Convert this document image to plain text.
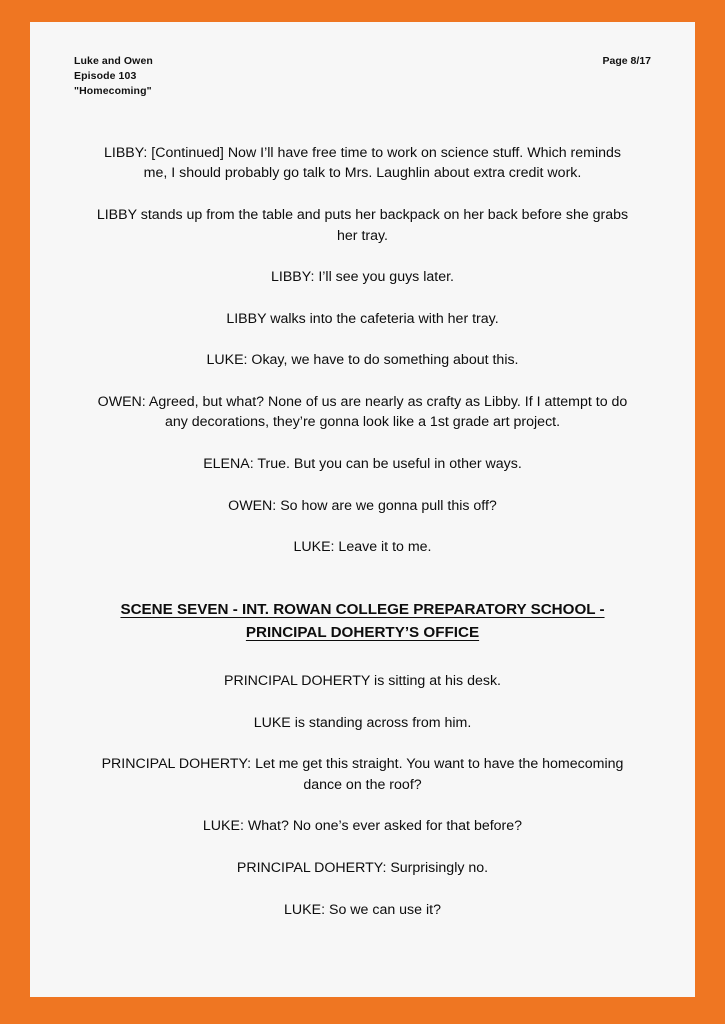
Luke and Owen
Episode 103
"Homecoming"
Page 8/17

LIBBY: [Continued] Now I’ll have free time to work on science stuff. Which reminds me, I should probably go talk to Mrs. Laughlin about extra credit work.

LIBBY stands up from the table and puts her backpack on her back before she grabs her tray.

LIBBY: I’ll see you guys later.

LIBBY walks into the cafeteria with her tray.

LUKE: Okay, we have to do something about this.

OWEN: Agreed, but what? None of us are nearly as crafty as Libby. If I attempt to do any decorations, they’re gonna look like a 1st grade art project.

ELENA: True. But you can be useful in other ways.

OWEN: So how are we gonna pull this off?

LUKE: Leave it to me.

SCENE SEVEN - INT. ROWAN COLLEGE PREPARATORY SCHOOL - PRINCIPAL DOHERTY’S OFFICE

PRINCIPAL DOHERTY is sitting at his desk.

LUKE is standing across from him.

PRINCIPAL DOHERTY: Let me get this straight. You want to have the homecoming dance on the roof?

LUKE: What? No one’s ever asked for that before?

PRINCIPAL DOHERTY: Surprisingly no.

LUKE: So we can use it?
